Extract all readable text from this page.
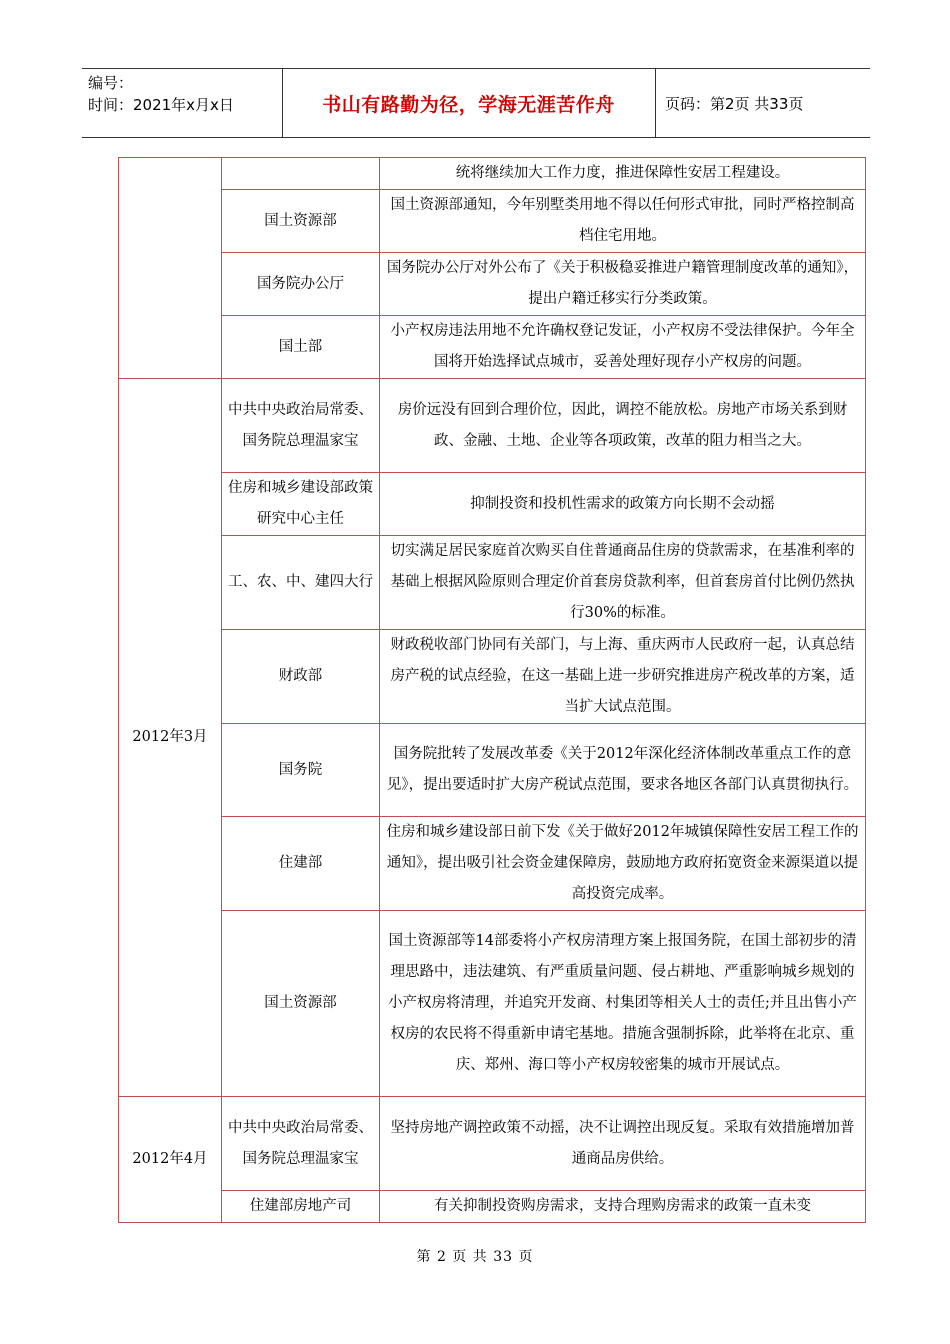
编号：
时间：2021年x月x日	书山有路勤为径，学海无涯苦作舟	页码：第2页 共33页
		统将继续加大工作力度，推进保障性安居工程建设。
	国土资源部	国土资源部通知，今年别墅类用地不得以任何形式审批，同时严格控制高档住宅用地。
	国务院办公厅	国务院办公厅对外公布了《关于积极稳妥推进户籍管理制度改革的通知》，提出户籍迁移实行分类政策。
	国土部	小产权房违法用地不允许确权登记发证，小产权房不受法律保护。今年全国将开始选择试点城市，妥善处理好现存小产权房的问题。
2012年3月	中共中央政治局常委、国务院总理温家宝	房价远没有回到合理价位，因此，调控不能放松。房地产市场关系到财政、金融、土地、企业等各项政策，改革的阻力相当之大。
	住房和城乡建设部政策研究中心主任	抑制投资和投机性需求的政策方向长期不会动摇
	工、农、中、建四大行	切实满足居民家庭首次购买自住普通商品住房的贷款需求，在基准利率的基础上根据风险原则合理定价首套房贷款利率，但首套房首付比例仍然执行30%的标准。
	财政部	财政税收部门协同有关部门，与上海、重庆两市人民政府一起，认真总结房产税的试点经验，在这一基础上进一步研究推进房产税改革的方案，适当扩大试点范围。
	国务院	国务院批转了发展改革委《关于2012年深化经济体制改革重点工作的意见》，提出要适时扩大房产税试点范围，要求各地区各部门认真贯彻执行。
	住建部	住房和城乡建设部日前下发《关于做好2012年城镇保障性安居工程工作的通知》，提出吸引社会资金建保障房，鼓励地方政府拓宽资金来源渠道以提高投资完成率。
	国土资源部	国土资源部等14部委将小产权房清理方案上报国务院，在国土部初步的清理思路中，违法建筑、有严重质量问题、侵占耕地、严重影响城乡规划的小产权房将清理，并追究开发商、村集团等相关人士的责任;并且出售小产权房的农民将不得重新申请宅基地。措施含强制拆除，此举将在北京、重庆、郑州、海口等小产权房较密集的城市开展试点。
2012年4月	中共中央政治局常委、国务院总理温家宝	坚持房地产调控政策不动摇，决不让调控出现反复。采取有效措施增加普通商品房供给。
	住建部房地产司	有关抑制投资购房需求，支持合理购房需求的政策一直未变
第 2 页 共 33 页
